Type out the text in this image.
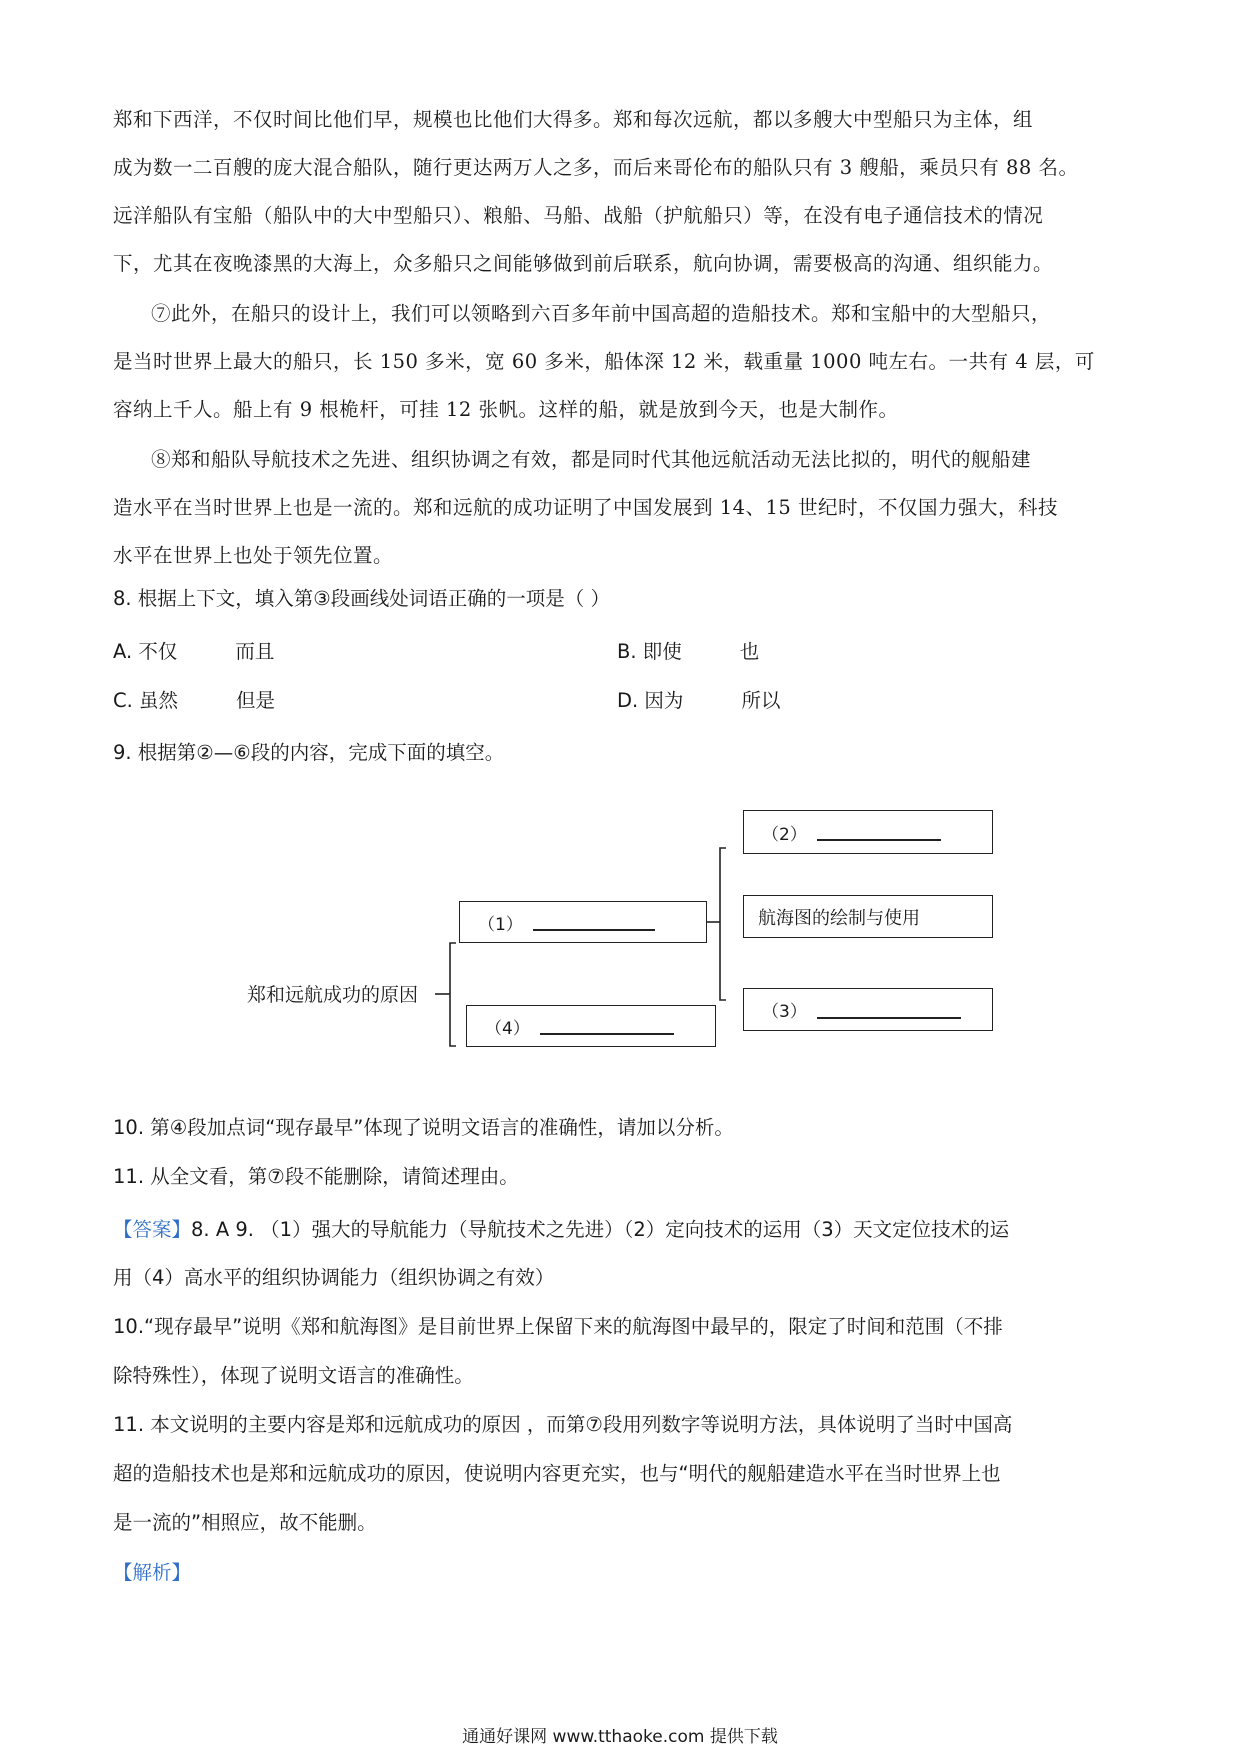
郑和下西洋，不仅时间比他们早，规模也比他们大得多。郑和每次远航，都以多艘大中型船只为主体，组
成为数一二百艘的庞大混合船队，随行更达两万人之多，而后来哥伦布的船队只有 3 艘船，乘员只有 88 名。
远洋船队有宝船（船队中的大中型船只）、粮船、马船、战船（护航船只）等，在没有电子通信技术的情况
下，尤其在夜晚漆黑的大海上，众多船只之间能够做到前后联系，航向协调，需要极高的沟通、组织能力。
⑦此外，在船只的设计上，我们可以领略到六百多年前中国高超的造船技术。郑和宝船中的大型船只，
是当时世界上最大的船只，长 150 多米，宽 60 多米，船体深 12 米，载重量 1000 吨左右。一共有 4 层，可
容纳上千人。船上有 9 根桅杆，可挂 12 张帆。这样的船，就是放到今天，也是大制作。
⑧郑和船队导航技术之先进、组织协调之有效，都是同时代其他远航活动无法比拟的，明代的舰船建
造水平在当时世界上也是一流的。郑和远航的成功证明了中国发展到 14、15 世纪时，不仅国力强大，科技
水平在世界上也处于领先位置。
8. 根据上下文，填入第③段画线处词语正确的一项是（ ）
A. 不仅	而且	B. 即使	也
C. 虽然	但是	D. 因为	所以
9. 根据第②—⑥段的内容，完成下面的填空。
郑和远航成功的原因
（1）
（4）
（2）
航海图的绘制与使用
（3）
10. 第④段加点词“现存最早”体现了说明文语言的准确性，请加以分析。
11. 从全文看，第⑦段不能删除，请简述理由。
【答案】8. A 9. （1）强大的导航能力（导航技术之先进）（2）定向技术的运用（3）天文定位技术的运
用（4）高水平的组织协调能力（组织协调之有效）
10.“现存最早”说明《郑和航海图》是目前世界上保留下来的航海图中最早的，限定了时间和范围（不排
除特殊性），体现了说明文语言的准确性。
11. 本文说明的主要内容是郑和远航成功的原因 ，而第⑦段用列数字等说明方法，具体说明了当时中国高
超的造船技术也是郑和远航成功的原因，使说明内容更充实，也与“明代的舰船建造水平在当时世界上也
是一流的”相照应，故不能删。
【解析】
通通好课网 www.tthaoke.com 提供下载
